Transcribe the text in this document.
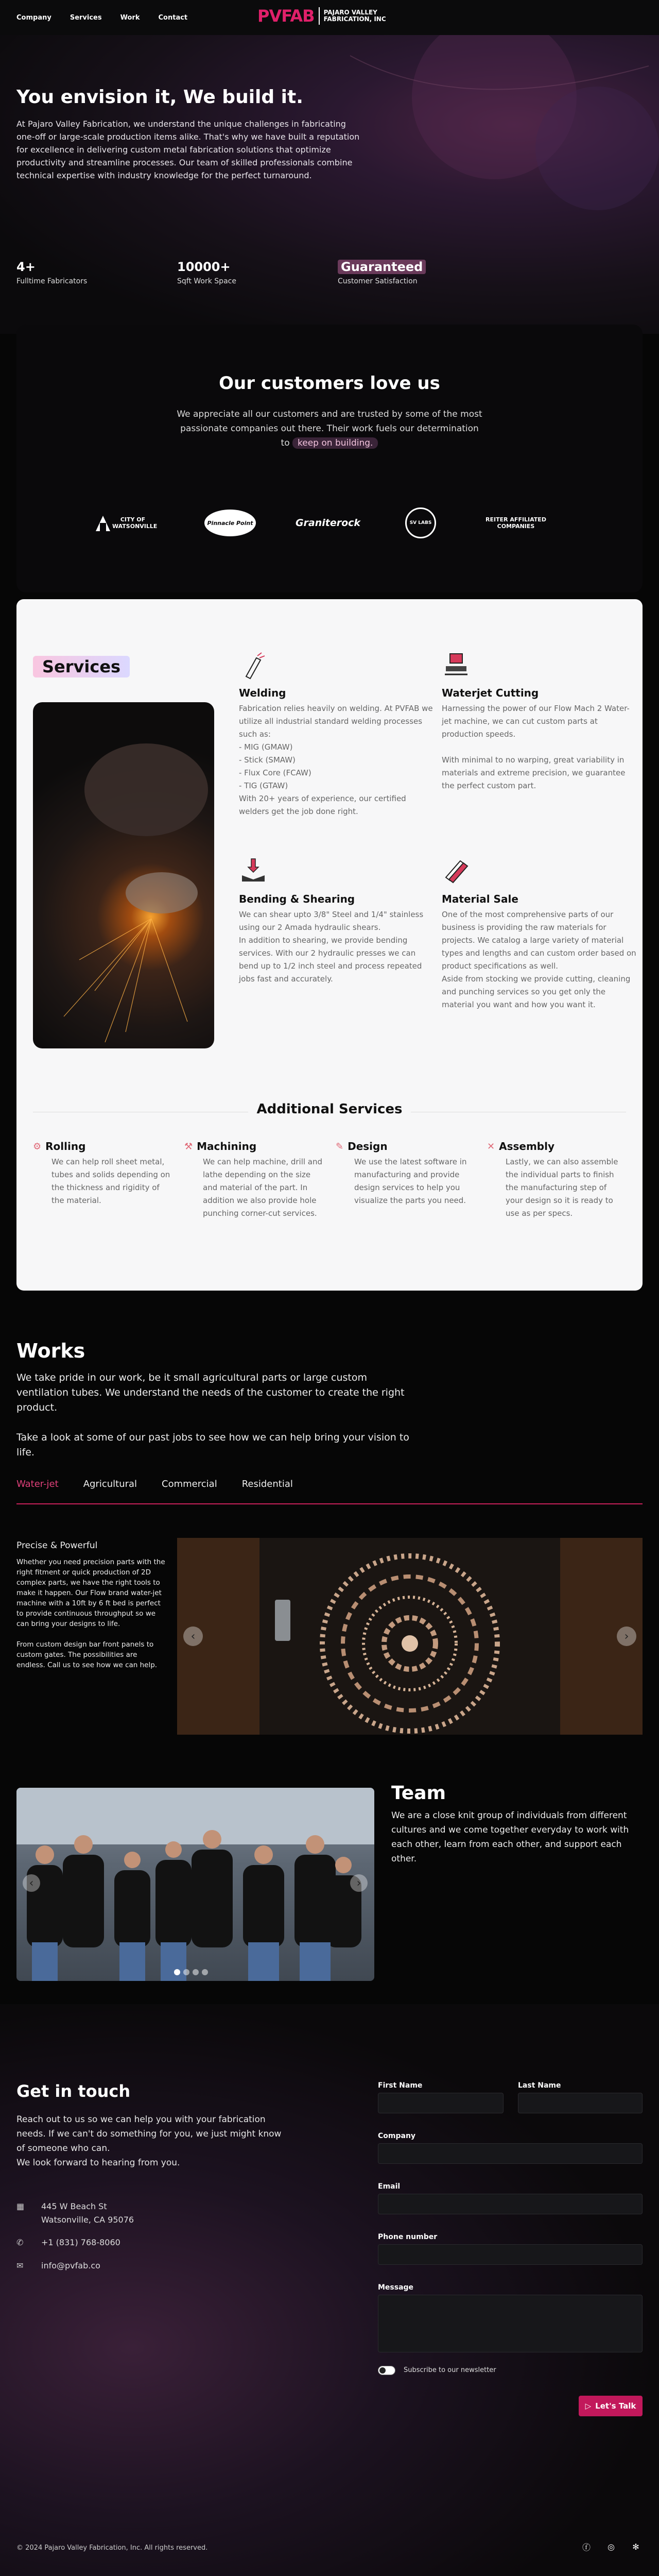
Company	Services	Work	Contact	PVFAB PAJARO VALLEY
FABRICATION, INC
You envision it, We build it.

At Pajaro Valley Fabrication, we understand the unique challenges in fabricating one-off or large-scale production items alike. That's why we have built a reputation for excellence in delivering custom metal fabrication solutions that optimize productivity and streamline processes. Our team of skilled professionals combine technical expertise with industry knowledge for the perfect turnaround.

4+
Fulltime Fabricators
10000+
Sqft Work Space
Guaranteed
Customer Satisfaction
Our customers love us

We appreciate all our customers and are trusted by some of the most passionate companies out there. Their work fuels our determination to keep on building.

CITY OF WATSONVILLE	Pinnacle Point	Graniterock	SV LABS	REITER AFFILIATED COMPANIES
Services
Welding

Fabrication relies heavily on welding. At PVFAB we utilize all industrial standard welding processes such as:
- MIG (GMAW)
- Stick (SMAW)
- Flux Core (FCAW)
- TIG (GTAW)
With 20+ years of experience, our certified welders get the job done right.

Waterjet Cutting

Harnessing the power of our Flow Mach 2 Water-jet machine, we can cut custom parts at production speeds.

With minimal to no warping, great variability in materials and extreme precision, we guarantee the perfect custom part.

Bending & Shearing

We can shear upto 3/8" Steel and 1/4" stainless using our 2 Amada hydraulic shears.
In addition to shearing, we provide bending services. With our 2 hydraulic presses we can bend up to 1/2 inch steel and process repeated jobs fast and accurately.

Material Sale

One of the most comprehensive parts of our business is providing the raw materials for projects. We catalog a large variety of material types and lengths and can custom order based on product specifications as well.
Aside from stocking we provide cutting, cleaning and punching services so you get only the material you want and how you want it.

Additional Services
⚙ Rolling

We can help roll sheet metal, tubes and solids depending on the thickness and rigidity of the material.

⚒ Machining

We can help machine, drill and lathe depending on the size and material of the part. In addition we also provide hole punching corner-cut services.

✎ Design

We use the latest software in manufacturing and provide design services to help you visualize the parts you need.

✕ Assembly

Lastly, we can also assemble the individual parts to finish the manufacturing step of your design so it is ready to use as per specs.

Works
We take pride in our work, be it small agricultural parts or large custom ventilation tubes. We understand the needs of the customer to create the right product.
Take a look at some of our past jobs to see how we can help bring your vision to life.
Water-jet	Agricultural	Commercial	Residential
Precise & Powerful
Whether you need precision parts with the right fitment or quick production of 2D complex parts, we have the right tools to make it happen. Our Flow brand water-jet machine with a 10ft by 6 ft bed is perfect to provide continuous throughput so we can bring your designs to life.

From custom design bar front panels to custom gates. The possibilities are endless. Call us to see how we can help.
‹	›
‹	›
Team
We are a close knit group of individuals from different cultures and we come together everyday to work with each other, learn from each other, and support each other.
Get in touch
Reach out to us so we can help you with your fabrication needs. If we can't do something for you, we just might know of someone who can.
We look forward to hearing from you.
▦	445 W Beach St
Watsonville, CA 95076
✆	+1 (831) 768-8060
✉	info@pvfab.co
First Name	Last Name
Company
Email
Phone number
Message
Subscribe to our newsletter
▷ Let's Talk
© 2024 Pajaro Valley Fabrication, Inc. All rights reserved.	ⓕ	◎	✻
